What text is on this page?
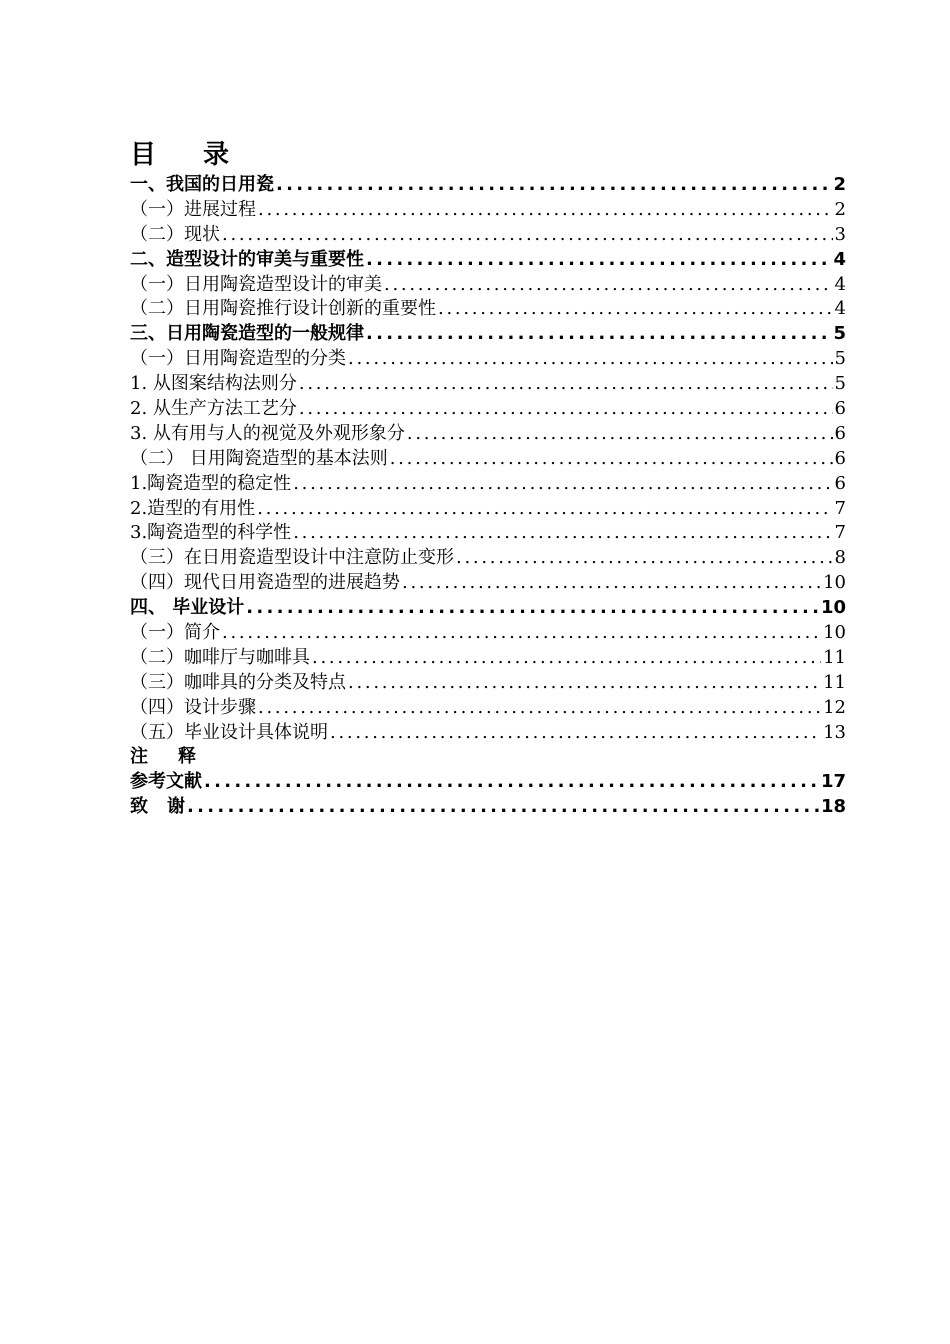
目 录
一、我国的日用瓷 . . .	2
（一）进展过程 . . .	2
（二）现状 . . .	3
二、造型设计的审美与重要性 . . .	4
（一）日用陶瓷造型设计的审美 . . .	4
（二）日用陶瓷推行设计创新的重要性 . . .	4
三、日用陶瓷造型的一般规律 . . .	5
（一）日用陶瓷造型的分类 . . .	5
1. 从图案结构法则分 . . .	5
2. 从生产方法工艺分 . . .	6
3. 从有用与人的视觉及外观形象分 . . .	6
（二） 日用陶瓷造型的基本法则 . . .	6
1.陶瓷造型的稳定性 . . .	6
2.造型的有用性 . . .	7
3.陶瓷造型的科学性 . . .	7
（三）在日用瓷造型设计中注意防止变形 . . .	8
（四）现代日用瓷造型的进展趋势 . . .	10
四、 毕业设计 . . .	10
（一）简介 . . .	10
（二）咖啡厅与咖啡具 . . .	11
（三）咖啡具的分类及特点 . . .	11
（四）设计步骤 . . .	12
（五）毕业设计具体说明 . . .	13
注 释
参考文献 . . .	17
致 谢 . . .	18
